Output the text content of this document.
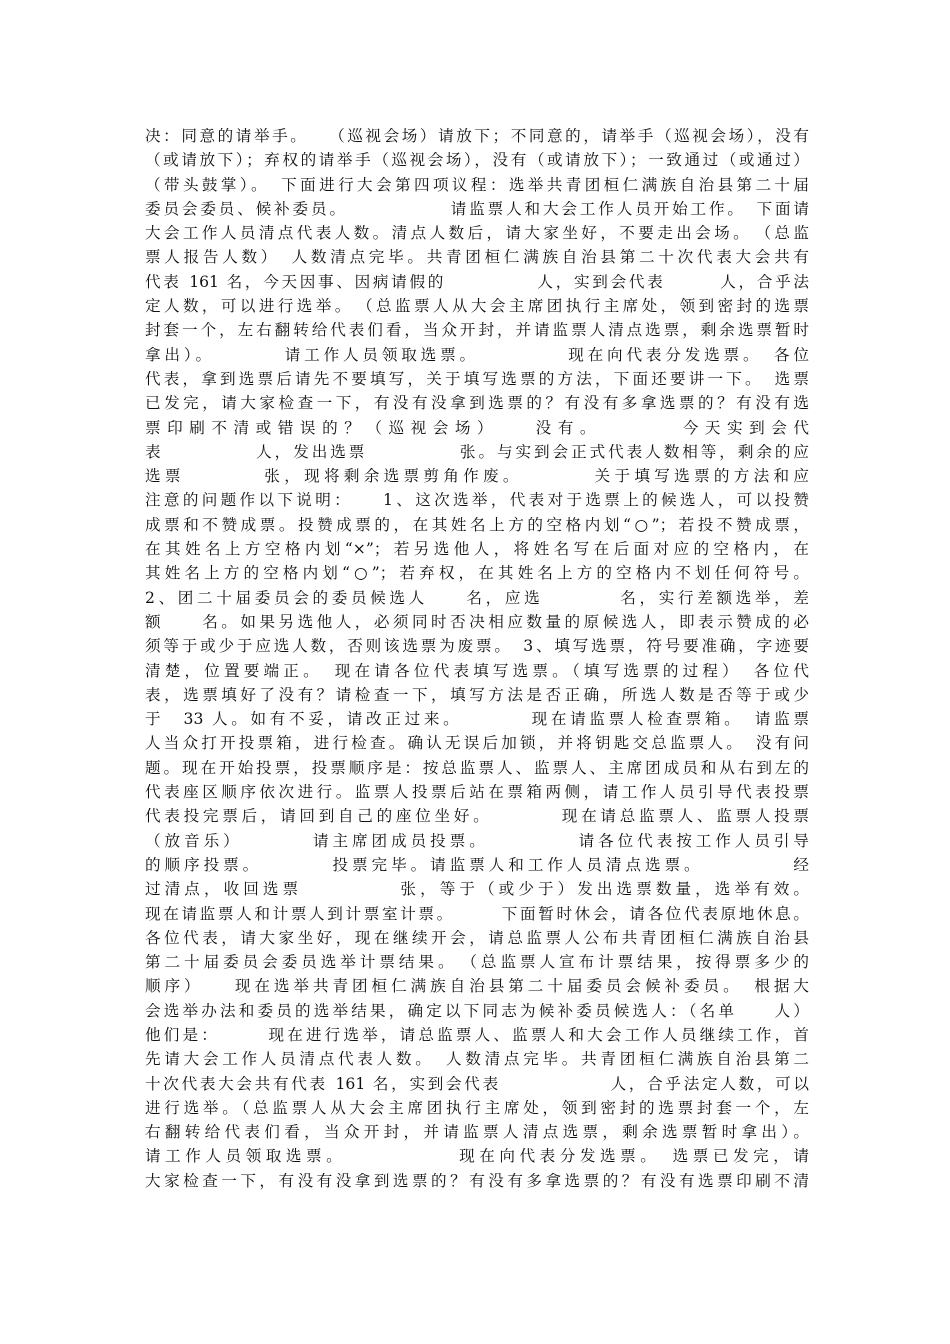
决：同意的请举手。　　（巡视会场）请放下；不同意的，请举手（巡视会场），没有
（或请放下）；弃权的请举手（巡视会场），没有（或请放下）；一致通过（或通过）
（带头鼓掌）。　下面进行大会第四项议程：选举共青团桓仁满族自治县第二十届
委员会委员、候补委员。　　　　　　请监票人和大会工作人员开始工作。　下面请
大会工作人员清点代表人数。清点人数后，请大家坐好，不要走出会场。　（总监
票人报告人数）　人数清点完毕。共青团桓仁满族自治县第二十次代表大会共有
代表 161 名，今天因事、因病请假的　　　　　人，实到会代表　　　人，合乎法
定人数，可以进行选举。　（总监票人从大会主席团执行主席处，领到密封的选票
封套一个，左右翻转给代表们看，当众开封，并请监票人清点选票，剩余选票暂时
拿出）。　　　　请工作人员领取选票。　　　　　现在向代表分发选票。　各位
代表，拿到选票后请先不要填写，关于填写选票的方法，下面还要讲一下。　选票
已发完，请大家检查一下，有没有没拿到选票的？有没有多拿选票的？有没有选
票印刷不清或错误的？（巡视会场）　　没有。　　　　今天实到会代
表　　　　　人，发出选票　　　　　张。与实到会正式代表人数相等，剩余的应
选票　　　　张，现将剩余选票剪角作废。　　　　关于填写选票的方法和应
注意的问题作以下说明：　　1、这次选举，代表对于选票上的候选人，可以投赞
成票和不赞成票。投赞成票的，在其姓名上方的空格内划“○”；若投不赞成票，
在其姓名上方空格内划“×”；若另选他人，将姓名写在后面对应的空格内，在
其姓名上方的空格内划“○”；若弃权，在其姓名上方的空格内不划任何符号。
2、团二十届委员会的委员候选人　　名，应选　　　　名，实行差额选举，差
额　　名。如果另选他人，必须同时否决相应数量的原候选人，即表示赞成的必
须等于或少于应选人数，否则该选票为废票。　3、填写选票，符号要准确，字迹要
清楚，位置要端正。　现在请各位代表填写选票。（填写选票的过程）　各位代
表，选票填好了没有？请检查一下，填写方法是否正确，所选人数是否等于或少
于　33 人。如有不妥，请改正过来。　　　　现在请监票人检查票箱。　请监票
人当众打开投票箱，进行检查。确认无误后加锁，并将钥匙交总监票人。　没有问
题。现在开始投票，投票顺序是：按总监票人、监票人、主席团成员和从右到左的
代表座区顺序依次进行。监票人投票后站在票箱两侧，请工作人员引导代表投票
代表投完票后，请回到自己的座位坐好。　　　　现在请总监票人、监票人投票
（放音乐）　　　　请主席团成员投票。　　　　　请各位代表按工作人员引导
的顺序投票。　　　　投票完毕。请监票人和工作人员清点选票。　　　　　经
过清点，收回选票　　　　　张，等于（或少于）发出选票数量，选举有效。
现在请监票人和计票人到计票室计票。　　　下面暂时休会，请各位代表原地休息。
各位代表，请大家坐好，现在继续开会，请总监票人公布共青团桓仁满族自治县
第二十届委员会委员选举计票结果。　（总监票人宣布计票结果，按得票多少的
顺序）　　现在选举共青团桓仁满族自治县第二十届委员会候补委员。　根据大
会选举办法和委员的选举结果，确定以下同志为候补委员候选人：（名单　　人）
他们是：　　　现在进行选举，请总监票人、监票人和大会工作人员继续工作，首
先请大会工作人员清点代表人数。　人数清点完毕。共青团桓仁满族自治县第二
十次代表大会共有代表 161 名，实到会代表　　　　　　人，合乎法定人数，可以
进行选举。（总监票人从大会主席团执行主席处，领到密封的选票封套一个，左
右翻转给代表们看，当众开封，并请监票人清点选票，剩余选票暂时拿出）。
请工作人员领取选票。　　　　　　现在向代表分发选票。　选票已发完，请
大家检查一下，有没有没拿到选票的？有没有多拿选票的？有没有选票印刷不清
